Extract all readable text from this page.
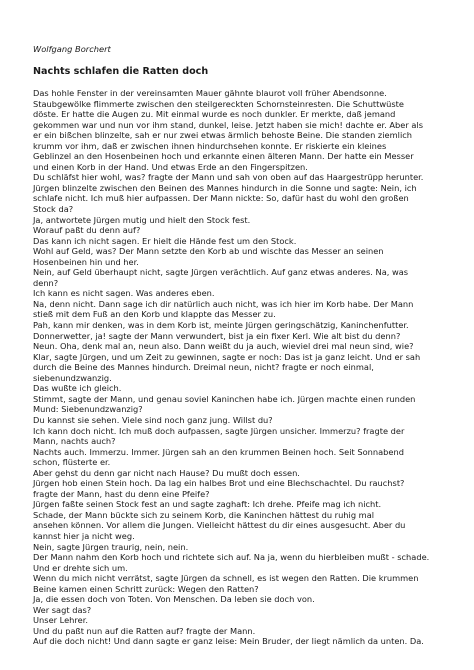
Wolfgang Borchert
Nachts schlafen die Ratten doch
Das hohle Fenster in der vereinsamten Mauer gähnte blaurot voll früher Abendsonne.
Staubgewölke flimmerte zwischen den steilgereckten Schornsteinresten. Die Schuttwüste
döste. Er hatte die Augen zu. Mit einmal wurde es noch dunkler. Er merkte, daß jemand
gekommen war und nun vor ihm stand, dunkel, leise. Jetzt haben sie mich! dachte er. Aber als
er ein bißchen blinzelte, sah er nur zwei etwas ärmlich behoste Beine. Die standen ziemlich
krumm vor ihm, daß er zwischen ihnen hindurchsehen konnte. Er riskierte ein kleines
Geblinzel an den Hosenbeinen hoch und erkannte einen älteren Mann. Der hatte ein Messer
und einen Korb in der Hand. Und etwas Erde an den Fingerspitzen.
Du schläfst hier wohl, was? fragte der Mann und sah von oben auf das Haargestrüpp herunter.
Jürgen blinzelte zwischen den Beinen des Mannes hindurch in die Sonne und sagte: Nein, ich
schlafe nicht. Ich muß hier aufpassen. Der Mann nickte: So, dafür hast du wohl den großen
Stock da?
Ja, antwortete Jürgen mutig und hielt den Stock fest.
Worauf paßt du denn auf?
Das kann ich nicht sagen. Er hielt die Hände fest um den Stock.
Wohl auf Geld, was? Der Mann setzte den Korb ab und wischte das Messer an seinen
Hosenbeinen hin und her.
Nein, auf Geld überhaupt nicht, sagte Jürgen verächtlich. Auf ganz etwas anderes. Na, was
denn?
Ich kann es nicht sagen. Was anderes eben.
Na, denn nicht. Dann sage ich dir natürlich auch nicht, was ich hier im Korb habe. Der Mann
stieß mit dem Fuß an den Korb und klappte das Messer zu.
Pah, kann mir denken, was in dem Korb ist, meinte Jürgen geringschätzig, Kaninchenfutter.
Donnerwetter, ja! sagte der Mann verwundert, bist ja ein fixer Kerl. Wie alt bist du denn?
Neun. Oha, denk mal an, neun also. Dann weißt du ja auch, wieviel drei mal neun sind, wie?
Klar, sagte Jürgen, und um Zeit zu gewinnen, sagte er noch: Das ist ja ganz leicht. Und er sah
durch die Beine des Mannes hindurch. Dreimal neun, nicht? fragte er noch einmal,
siebenundzwanzig.
Das wußte ich gleich.
Stimmt, sagte der Mann, und genau soviel Kaninchen habe ich. Jürgen machte einen runden
Mund: Siebenundzwanzig?
Du kannst sie sehen. Viele sind noch ganz jung. Willst du?
Ich kann doch nicht. Ich muß doch aufpassen, sagte Jürgen unsicher. Immerzu? fragte der
Mann, nachts auch?
Nachts auch. Immerzu. Immer. Jürgen sah an den krummen Beinen hoch. Seit Sonnabend
schon, flüsterte er.
Aber gehst du denn gar nicht nach Hause? Du mußt doch essen.
Jürgen hob einen Stein hoch. Da lag ein halbes Brot und eine Blechschachtel. Du rauchst?
fragte der Mann, hast du denn eine Pfeife?
Jürgen faßte seinen Stock fest an und sagte zaghaft: Ich drehe. Pfeife mag ich nicht.
Schade, der Mann bückte sich zu seinem Korb, die Kaninchen hättest du ruhig mal
ansehen können. Vor allem die Jungen. Vielleicht hättest du dir eines ausgesucht. Aber du
kannst hier ja nicht weg.
Nein, sagte Jürgen traurig, nein, nein.
Der Mann nahm den Korb hoch und richtete sich auf. Na ja, wenn du hierbleiben mußt - schade.
Und er drehte sich um.
Wenn du mich nicht verrätst, sagte Jürgen da schnell, es ist wegen den Ratten. Die krummen
Beine kamen einen Schritt zurück: Wegen den Ratten?
Ja, die essen doch von Toten. Von Menschen. Da leben sie doch von.
Wer sagt das?
Unser Lehrer.
Und du paßt nun auf die Ratten auf? fragte der Mann.
Auf die doch nicht! Und dann sagte er ganz leise: Mein Bruder, der liegt nämlich da unten. Da.
